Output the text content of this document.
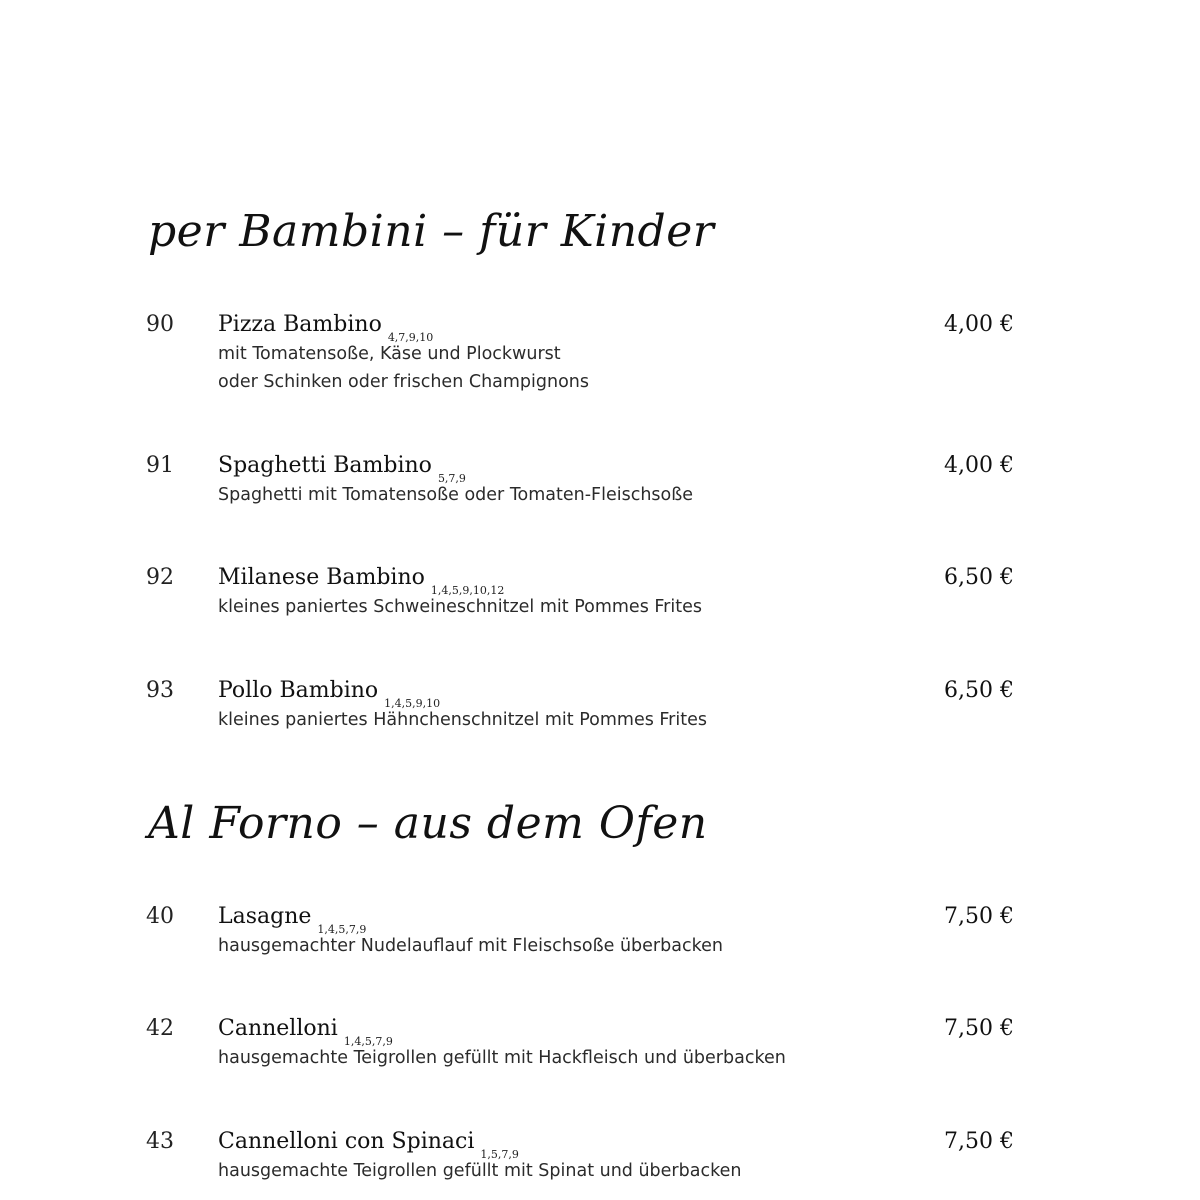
per Bambini – für Kinder
90 Pizza Bambino$_{4,7,9,10}$
mit Tomatensoße, Käse und Plockwurst
oder Schinken oder frischen Champignons
4,00 €
91 Spaghetti Bambino$_{5,7,9}$
Spaghetti mit Tomatensoße oder Tomaten-Fleischsoße
4,00 €
92 Milanese Bambino$_{1,4,5,9,10,12}$
kleines paniertes Schweineschnitzel mit Pommes Frites
6,50 €
93 Pollo Bambino$_{1,4,5,9,10}$
kleines paniertes Hähnchenschnitzel mit Pommes Frites
6,50 €
Al Forno – aus dem Ofen
40 Lasagne$_{1,4,5,7,9}$
hausgemachter Nudelauflauf mit Fleischsoße überbacken
7,50 €
42 Cannelloni$_{1,4,5,7,9}$
hausgemachte Teigrollen gefüllt mit Hackfleisch und überbacken
7,50 €
43 Cannelloni con Spinaci$_{1,5,7,9}$
hausgemachte Teigrollen gefüllt mit Spinat und überbacken
7,50 €
